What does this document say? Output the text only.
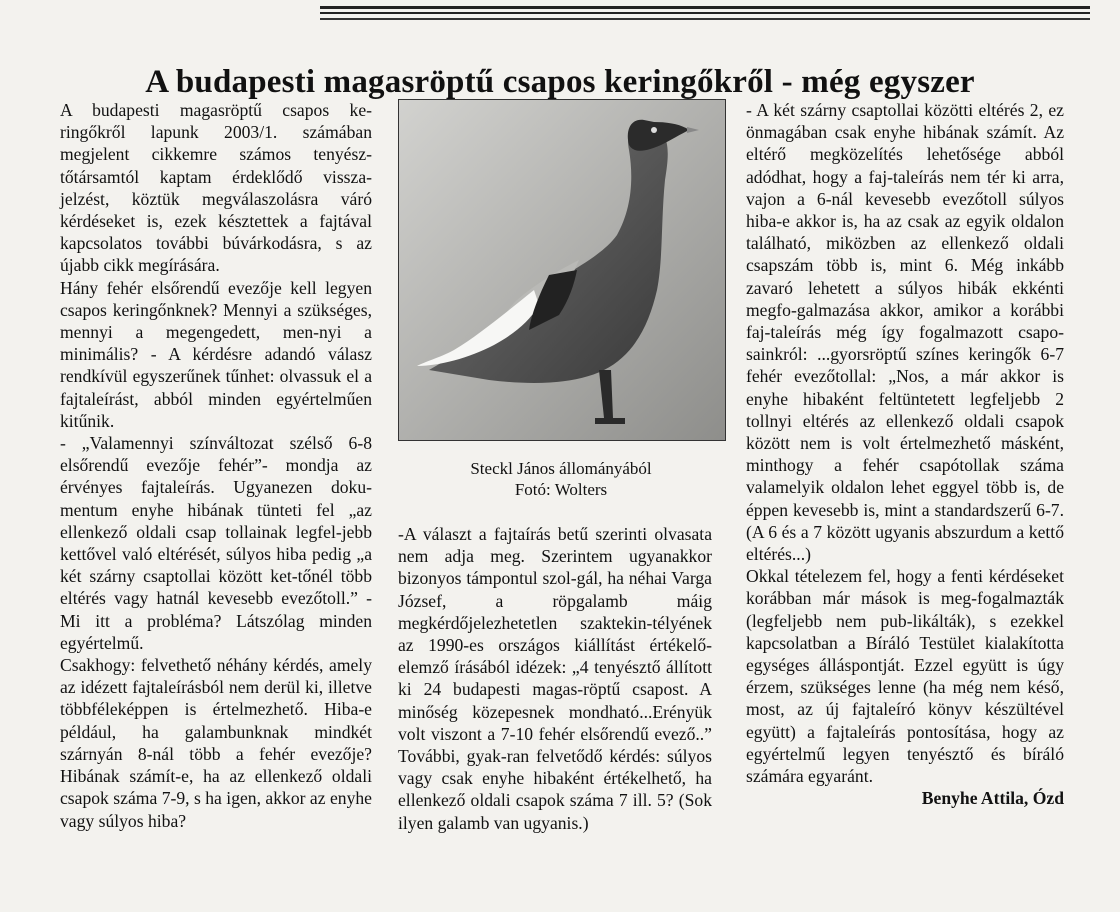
A budapesti magasröptű csapos keringőkről - még egyszer

A budapesti magasröptű csapos ke-ringőkről lapunk 2003/1. számában megjelent cikkemre számos tenyész-tőtársamtól kaptam érdeklődő vissza-jelzést, köztük megválaszolásra váró kérdéseket is, ezek késztettek a fajtával kapcsolatos további búvárkodásra, s az újabb cikk megírására.

Hány fehér elsőrendű evezője kell legyen csapos keringőnknek? Mennyi a szükséges, mennyi a megengedett, men-nyi a minimális? - A kérdésre adandó válasz rendkívül egyszerűnek tűnhet: olvassuk el a fajtaleírást, abból minden egyértelműen kitűnik.

- „Valamennyi színváltozat szélső 6-8 elsőrendű evezője fehér”- mondja az érvényes fajtaleírás. Ugyanezen doku-mentum enyhe hibának tünteti fel „az ellenkező oldali csap tollainak legfel-jebb kettővel való eltérését, súlyos hiba pedig „a két szárny csaptollai között ket-tőnél több eltérés vagy hatnál kevesebb evezőtoll.” -Mi itt a probléma? Látszólag minden egyértelmű.

Csakhogy: felvethető néhány kérdés, amely az idézett fajtaleírásból nem derül ki, illetve többféleképpen is értelmezhető. Hiba-e például, ha galambunknak mindkét szárnyán 8-nál több a fehér evezője? Hibának számít-e, ha az ellenkező oldali csapok száma 7-9, s ha igen, akkor az enyhe vagy súlyos hiba?

Steckl János állományából
Fotó: Wolters

-A választ a fajtaírás betű szerinti olvasata nem adja meg. Szerintem ugyanakkor bizonyos támpontul szol-gál, ha néhai Varga József, a röpgalamb máig megkérdőjelezhetetlen szaktekin-télyének az 1990-es országos kiállítást értékelő-elemző írásából idézek: „4 tenyésztő állított ki 24 budapesti magas-röptű csapost. A minőség közepesnek mondható...Erényük volt viszont a 7-10 fehér elsőrendű evező..” További, gyak-ran felvetődő kérdés: súlyos vagy csak enyhe hibaként értékelhető, ha ellenkező oldali csapok száma 7 ill. 5? (Sok ilyen galamb van ugyanis.)

- A két szárny csaptollai közötti eltérés 2, ez önmagában csak enyhe hibának számít. Az eltérő megközelítés lehetősége abból adódhat, hogy a faj-taleírás nem tér ki arra, vajon a 6-nál kevesebb evezőtoll súlyos hiba-e akkor is, ha az csak az egyik oldalon található, miközben az ellenkező oldali csapszám több is, mint 6. Még inkább zavaró lehetett a súlyos hibák ekkénti megfo-galmazása akkor, amikor a korábbi faj-taleírás még így fogalmazott csapo-sainkról: ...gyorsröptű színes keringők 6-7 fehér evezőtollal: „Nos, a már akkor is enyhe hibaként feltüntetett legfeljebb 2 tollnyi eltérés az ellenkező oldali csapok között nem is volt értelmezhető másként, minthogy a fehér csapótollak száma valamelyik oldalon lehet eggyel több is, de éppen kevesebb is, mint a standardszerű 6-7. (A 6 és a 7 között ugyanis abszurdum a kettő eltérés...)

Okkal tételezem fel, hogy a fenti kérdéseket korábban már mások is meg-fogalmazták (legfeljebb nem pub-likálták), s ezekkel kapcsolatban a Bíráló Testület kialakította egységes álláspontját. Ezzel együtt is úgy érzem, szükséges lenne (ha még nem késő, most, az új fajtaleíró könyv készültével együtt) a fajtaleírás pontosítása, hogy az egyértelmű legyen tenyésztő és bíráló számára egyaránt.

Benyhe Attila, Ózd
